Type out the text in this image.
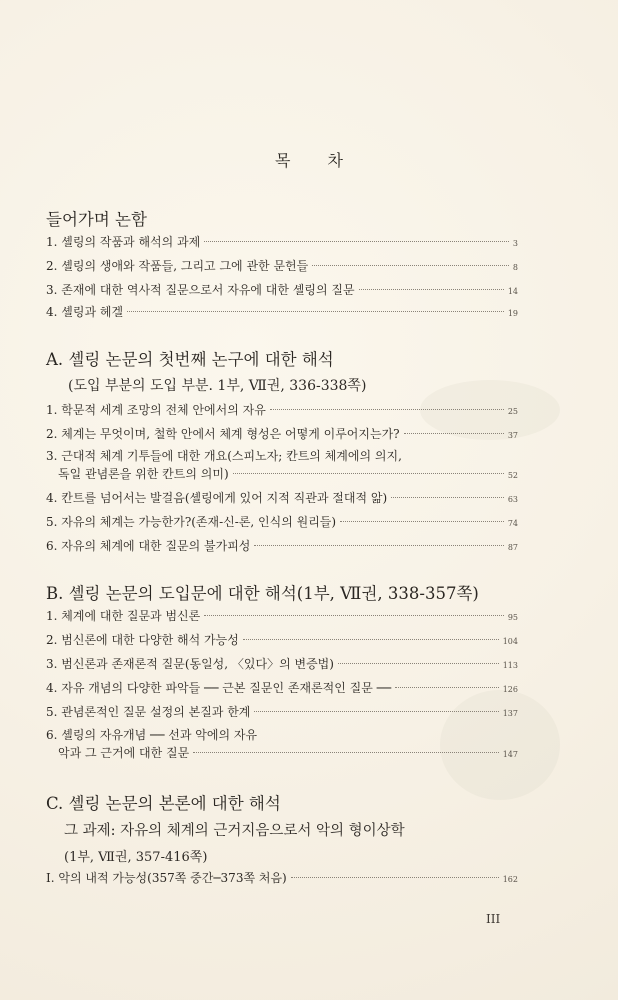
목 차
들어가며 논함
1. 셸링의 작품과 해석의 과제	3
2. 셸링의 생애와 작품들, 그리고 그에 관한 문헌들	8
3. 존재에 대한 역사적 질문으로서 자유에 대한 셸링의 질문	14
4. 셸링과 헤겔	19
A. 셸링 논문의 첫번째 논구에 대한 해석
(도입 부분의 도입 부분. 1부, Ⅶ권, 336-338쪽)
1. 학문적 세계 조망의 전체 안에서의 자유	25
2. 체계는 무엇이며, 철학 안에서 체계 형성은 어떻게 이루어지는가?	37
3. 근대적 체계 기투들에 대한 개요(스피노자; 칸트의 체계에의 의지,
독일 관념론을 위한 칸트의 의미)	52
4. 칸트를 넘어서는 발걸음(셸링에게 있어 지적 직관과 절대적 앎)	63
5. 자유의 체계는 가능한가?(존재-신-론, 인식의 원리들)	74
6. 자유의 체계에 대한 질문의 불가피성	87
B. 셸링 논문의 도입문에 대한 해석(1부, Ⅶ권, 338-357쪽)
1. 체계에 대한 질문과 범신론	95
2. 범신론에 대한 다양한 해석 가능성	104
3. 범신론과 존재론적 질문(동일성, 〈있다〉의 변증법)	113
4. 자유 개념의 다양한 파악들 ── 근본 질문인 존재론적인 질문 ──	126
5. 관념론적인 질문 설정의 본질과 한계	137
6. 셸링의 자유개념 ── 선과 악에의 자유
악과 그 근거에 대한 질문	147
C. 셸링 논문의 본론에 대한 해석
그 과제: 자유의 체계의 근거지음으로서 악의 형이상학
(1부, Ⅶ권, 357-416쪽)
I. 악의 내적 가능성(357쪽 중간─373쪽 처음)	162
III
